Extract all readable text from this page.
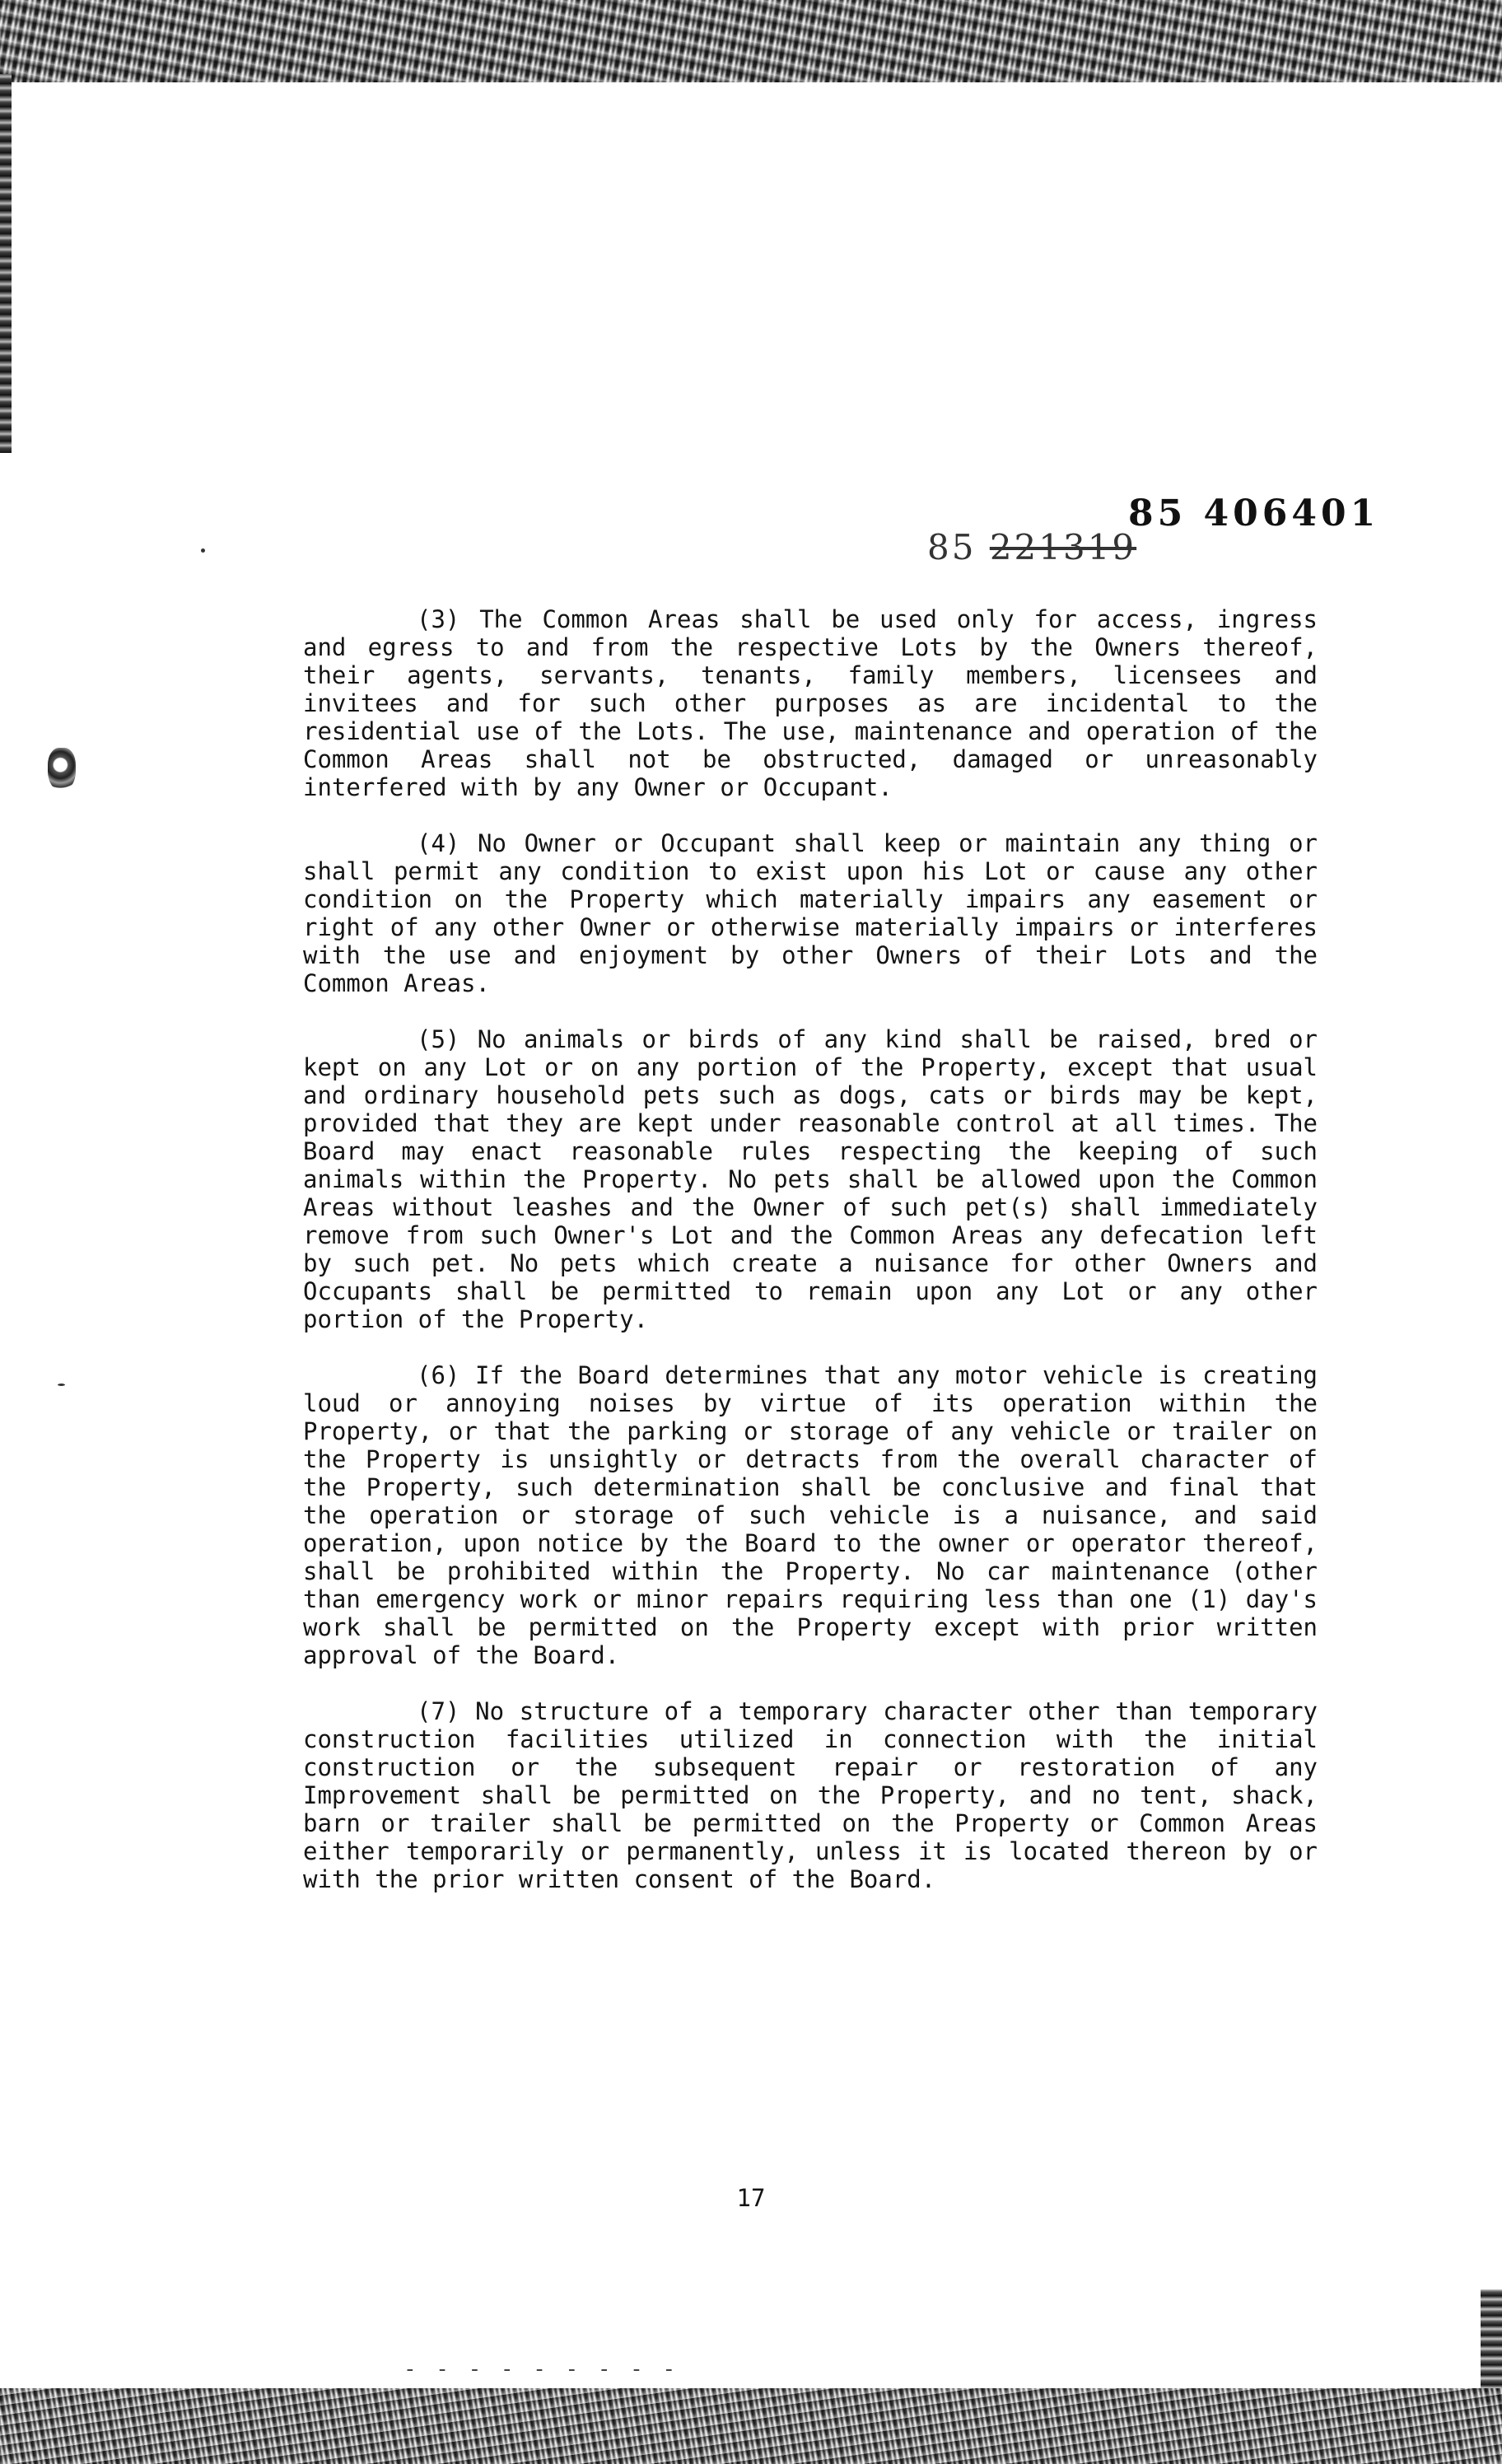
85 406401
85 221319

(3) The Common Areas shall be used only for access, ingress and egress to and from the respective Lots by the Owners thereof, their agents, servants, tenants, family members, licensees and invitees and for such other purposes as are incidental to the residential use of the Lots. The use, maintenance and operation of the Common Areas shall not be obstructed, damaged or unreasonably interfered with by any Owner or Occupant.

(4) No Owner or Occupant shall keep or maintain any thing or shall permit any condition to exist upon his Lot or cause any other condition on the Property which materially impairs any easement or right of any other Owner or otherwise materially impairs or interferes with the use and enjoyment by other Owners of their Lots and the Common Areas.

(5) No animals or birds of any kind shall be raised, bred or kept on any Lot or on any portion of the Property, except that usual and ordinary household pets such as dogs, cats or birds may be kept, provided that they are kept under reasonable control at all times. The Board may enact reasonable rules respecting the keeping of such animals within the Property. No pets shall be allowed upon the Common Areas without leashes and the Owner of such pet(s) shall immediately remove from such Owner's Lot and the Common Areas any defecation left by such pet. No pets which create a nuisance for other Owners and Occupants shall be permitted to remain upon any Lot or any other portion of the Property.

(6) If the Board determines that any motor vehicle is creating loud or annoying noises by virtue of its operation within the Property, or that the parking or storage of any vehicle or trailer on the Property is unsightly or detracts from the overall character of the Property, such determination shall be conclusive and final that the operation or storage of such vehicle is a nuisance, and said operation, upon notice by the Board to the owner or operator thereof, shall be prohibited within the Property. No car maintenance (other than emergency work or minor repairs requiring less than one (1) day's work shall be permitted on the Property except with prior written approval of the Board.

(7) No structure of a temporary character other than temporary construction facilities utilized in connection with the initial construction or the subsequent repair or restoration of any Improvement shall be permitted on the Property, and no tent, shack, barn or trailer shall be permitted on the Property or Common Areas either temporarily or permanently, unless it is located thereon by or with the prior written consent of the Board.

17
- - - - - - - - -
